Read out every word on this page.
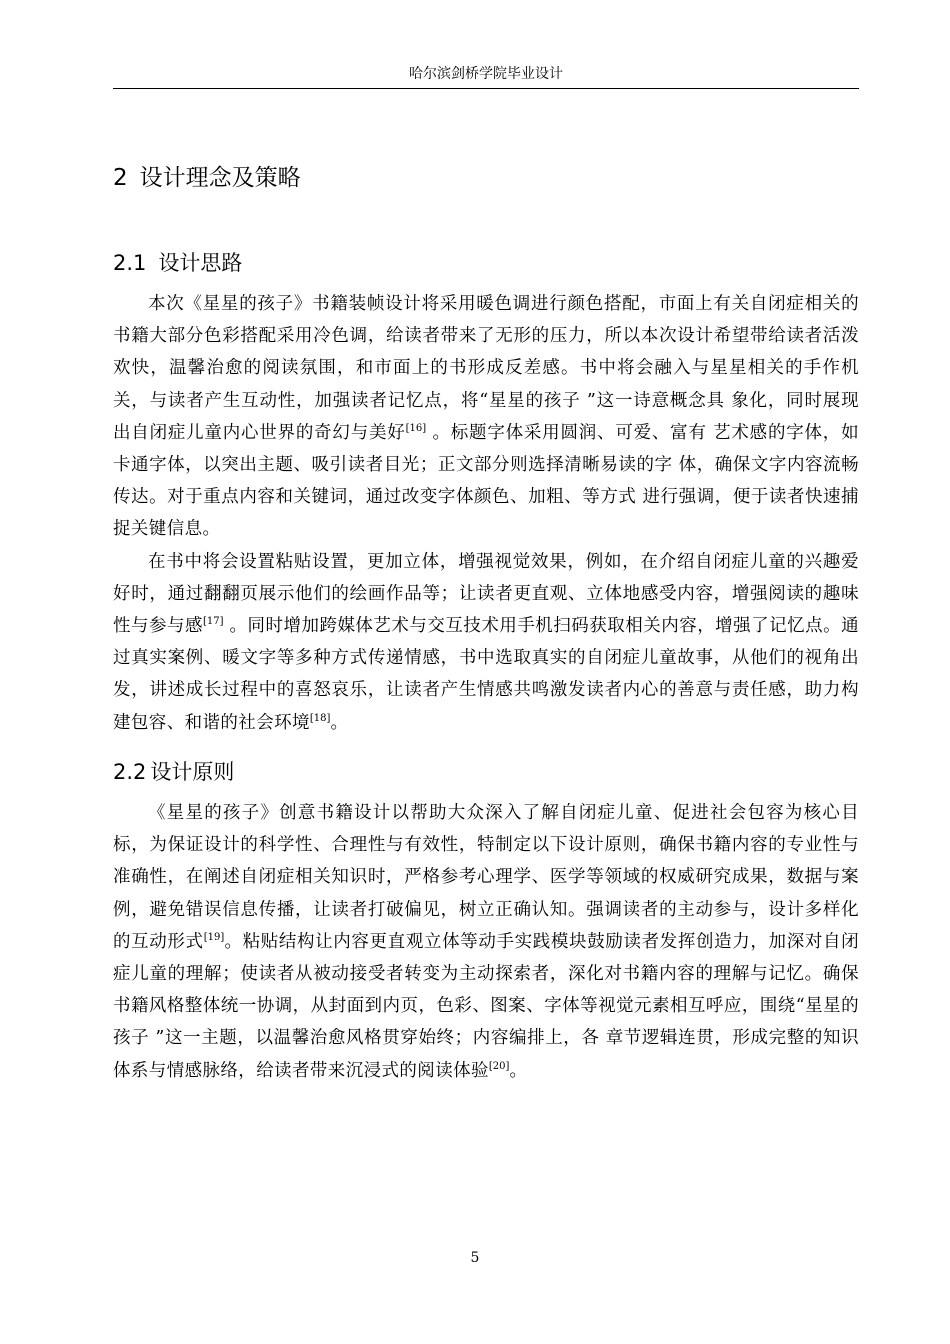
哈尔滨剑桥学院毕业设计
2 设计理念及策略
2.1 设计思路

本次《星星的孩子》书籍装帧设计将采用暖色调进行颜色搭配，市面上有关自闭症相关的书籍大部分色彩搭配采用冷色调，给读者带来了无形的压力，所以本次设计希望带给读者活泼欢快，温馨治愈的阅读氛围，和市面上的书形成反差感。书中将会融入与星星相关的手作机关，与读者产生互动性，加强读者记忆点，将“星星的孩子 ”这一诗意概念具 象化，同时展现出自闭症儿童内心世界的奇幻与美好[16] 。标题字体采用圆润、可爱、富有 艺术感的字体，如卡通字体，以突出主题、吸引读者目光；正文部分则选择清晰易读的字 体，确保文字内容流畅传达。对于重点内容和关键词，通过改变字体颜色、加粗、等方式 进行强调，便于读者快速捕捉关键信息。

在书中将会设置粘贴设置，更加立体，增强视觉效果，例如，在介绍自闭症儿童的兴趣爱好时，通过翻翻页展示他们的绘画作品等；让读者更直观、立体地感受内容，增强阅读的趣味性与参与感[17] 。同时增加跨媒体艺术与交互技术用手机扫码获取相关内容，增强了记忆点。通过真实案例、暖文字等多种方式传递情感，书中选取真实的自闭症儿童故事，从他们的视角出发，讲述成长过程中的喜怒哀乐，让读者产生情感共鸣激发读者内心的善意与责任感，助力构建包容、和谐的社会环境[18]。

2.2 设计原则

《星星的孩子》创意书籍设计以帮助大众深入了解自闭症儿童、促进社会包容为核心目标，为保证设计的科学性、合理性与有效性，特制定以下设计原则，确保书籍内容的专业性与准确性，在阐述自闭症相关知识时，严格参考心理学、医学等领域的权威研究成果，数据与案例，避免错误信息传播，让读者打破偏见，树立正确认知。强调读者的主动参与，设计多样化的互动形式[19]。粘贴结构让内容更直观立体等动手实践模块鼓励读者发挥创造力，加深对自闭症儿童的理解；使读者从被动接受者转变为主动探索者，深化对书籍内容的理解与记忆。确保书籍风格整体统一协调，从封面到内页，色彩、图案、字体等视觉元素相互呼应，围绕“星星的孩子 ”这一主题，以温馨治愈风格贯穿始终；内容编排上，各 章节逻辑连贯，形成完整的知识体系与情感脉络，给读者带来沉浸式的阅读体验[20]。

5
